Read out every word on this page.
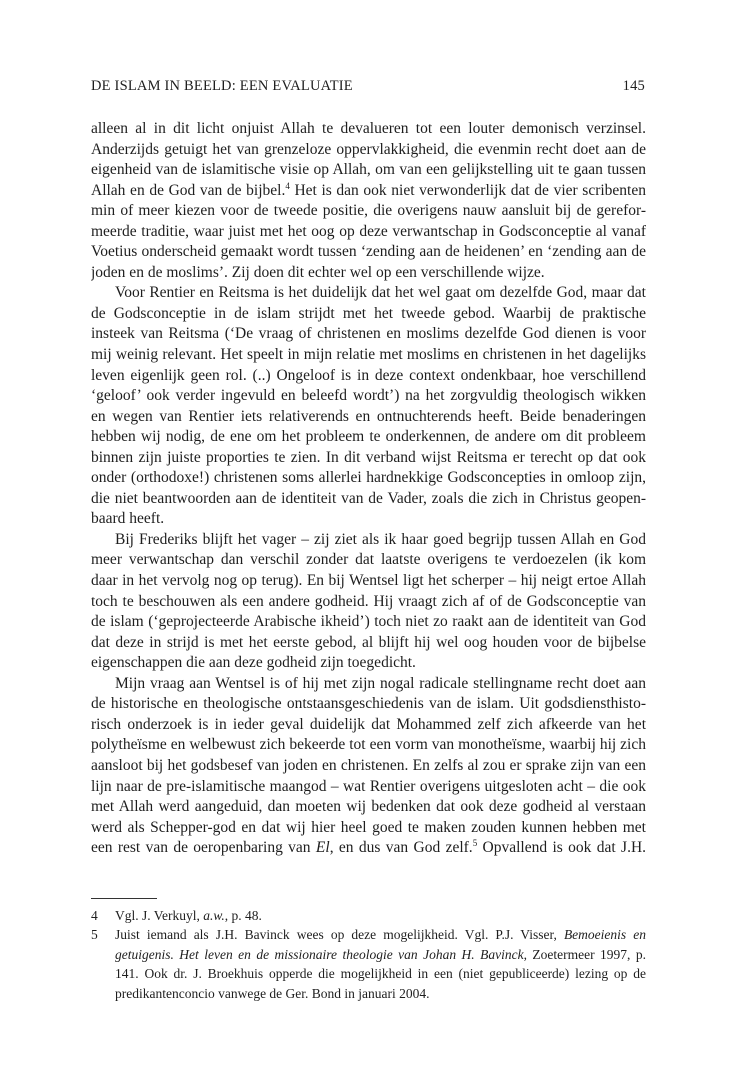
DE ISLAM IN BEELD: EEN EVALUATIE	145
alleen al in dit licht onjuist Allah te devalueren tot een louter demonisch verzinsel.
Anderzijds getuigt het van grenzeloze oppervlakkigheid, die evenmin recht doet aan de
eigenheid van de islamitische visie op Allah, om van een gelijkstelling uit te gaan tussen
Allah en de God van de bijbel.$^4$ Het is dan ook niet verwonderlijk dat de vier scribenten
min of meer kiezen voor de tweede positie, die overigens nauw aansluit bij de gerefor-
meerde traditie, waar juist met het oog op deze verwantschap in Godsconceptie al vanaf
Voetius onderscheid gemaakt wordt tussen ‘zending aan de heidenen’ en ‘zending aan de
joden en de moslims’. Zij doen dit echter wel op een verschillende wijze.
Voor Rentier en Reitsma is het duidelijk dat het wel gaat om dezelfde God, maar dat
de Godsconceptie in de islam strijdt met het tweede gebod. Waarbij de praktische
insteek van Reitsma (‘De vraag of christenen en moslims dezelfde God dienen is voor
mij weinig relevant. Het speelt in mijn relatie met moslims en christenen in het dagelijks
leven eigenlijk geen rol. (..) Ongeloof is in deze context ondenkbaar, hoe verschillend
‘geloof’ ook verder ingevuld en beleefd wordt’) na het zorgvuldig theologisch wikken
en wegen van Rentier iets relativerends en ontnuchterends heeft. Beide benaderingen
hebben wij nodig, de ene om het probleem te onderkennen, de andere om dit probleem
binnen zijn juiste proporties te zien. In dit verband wijst Reitsma er terecht op dat ook
onder (orthodoxe!) christenen soms allerlei hardnekkige Godsconcepties in omloop zijn,
die niet beantwoorden aan de identiteit van de Vader, zoals die zich in Christus geopen-
baard heeft.
Bij Frederiks blijft het vager – zij ziet als ik haar goed begrijp tussen Allah en God
meer verwantschap dan verschil zonder dat laatste overigens te verdoezelen (ik kom
daar in het vervolg nog op terug). En bij Wentsel ligt het scherper – hij neigt ertoe Allah
toch te beschouwen als een andere godheid. Hij vraagt zich af of de Godsconceptie van
de islam (‘geprojecteerde Arabische ikheid’) toch niet zo raakt aan de identiteit van God
dat deze in strijd is met het eerste gebod, al blijft hij wel oog houden voor de bijbelse
eigenschappen die aan deze godheid zijn toegedicht.
Mijn vraag aan Wentsel is of hij met zijn nogal radicale stellingname recht doet aan
de historische en theologische ontstaansgeschiedenis van de islam. Uit godsdiensthisto-
risch onderzoek is in ieder geval duidelijk dat Mohammed zelf zich afkeerde van het
polytheïsme en welbewust zich bekeerde tot een vorm van monotheïsme, waarbij hij zich
aansloot bij het godsbesef van joden en christenen. En zelfs al zou er sprake zijn van een
lijn naar de pre-islamitische maangod – wat Rentier overigens uitgesloten acht – die ook
met Allah werd aangeduid, dan moeten wij bedenken dat ook deze godheid al verstaan
werd als Schepper-god en dat wij hier heel goed te maken zouden kunnen hebben met
een rest van de oeropenbaring van El, en dus van God zelf.$^5$ Opvallend is ook dat J.H.
4	Vgl. J. Verkuyl, a.w., p. 48.
5	Juist iemand als J.H. Bavinck wees op deze mogelijkheid. Vgl. P.J. Visser, Bemoeienis en
getuigenis. Het leven en de missionaire theologie van Johan H. Bavinck, Zoetermeer 1997, p.
141. Ook dr. J. Broekhuis opperde die mogelijkheid in een (niet gepubliceerde) lezing op de
predikantenconcio vanwege de Ger. Bond in januari 2004.
